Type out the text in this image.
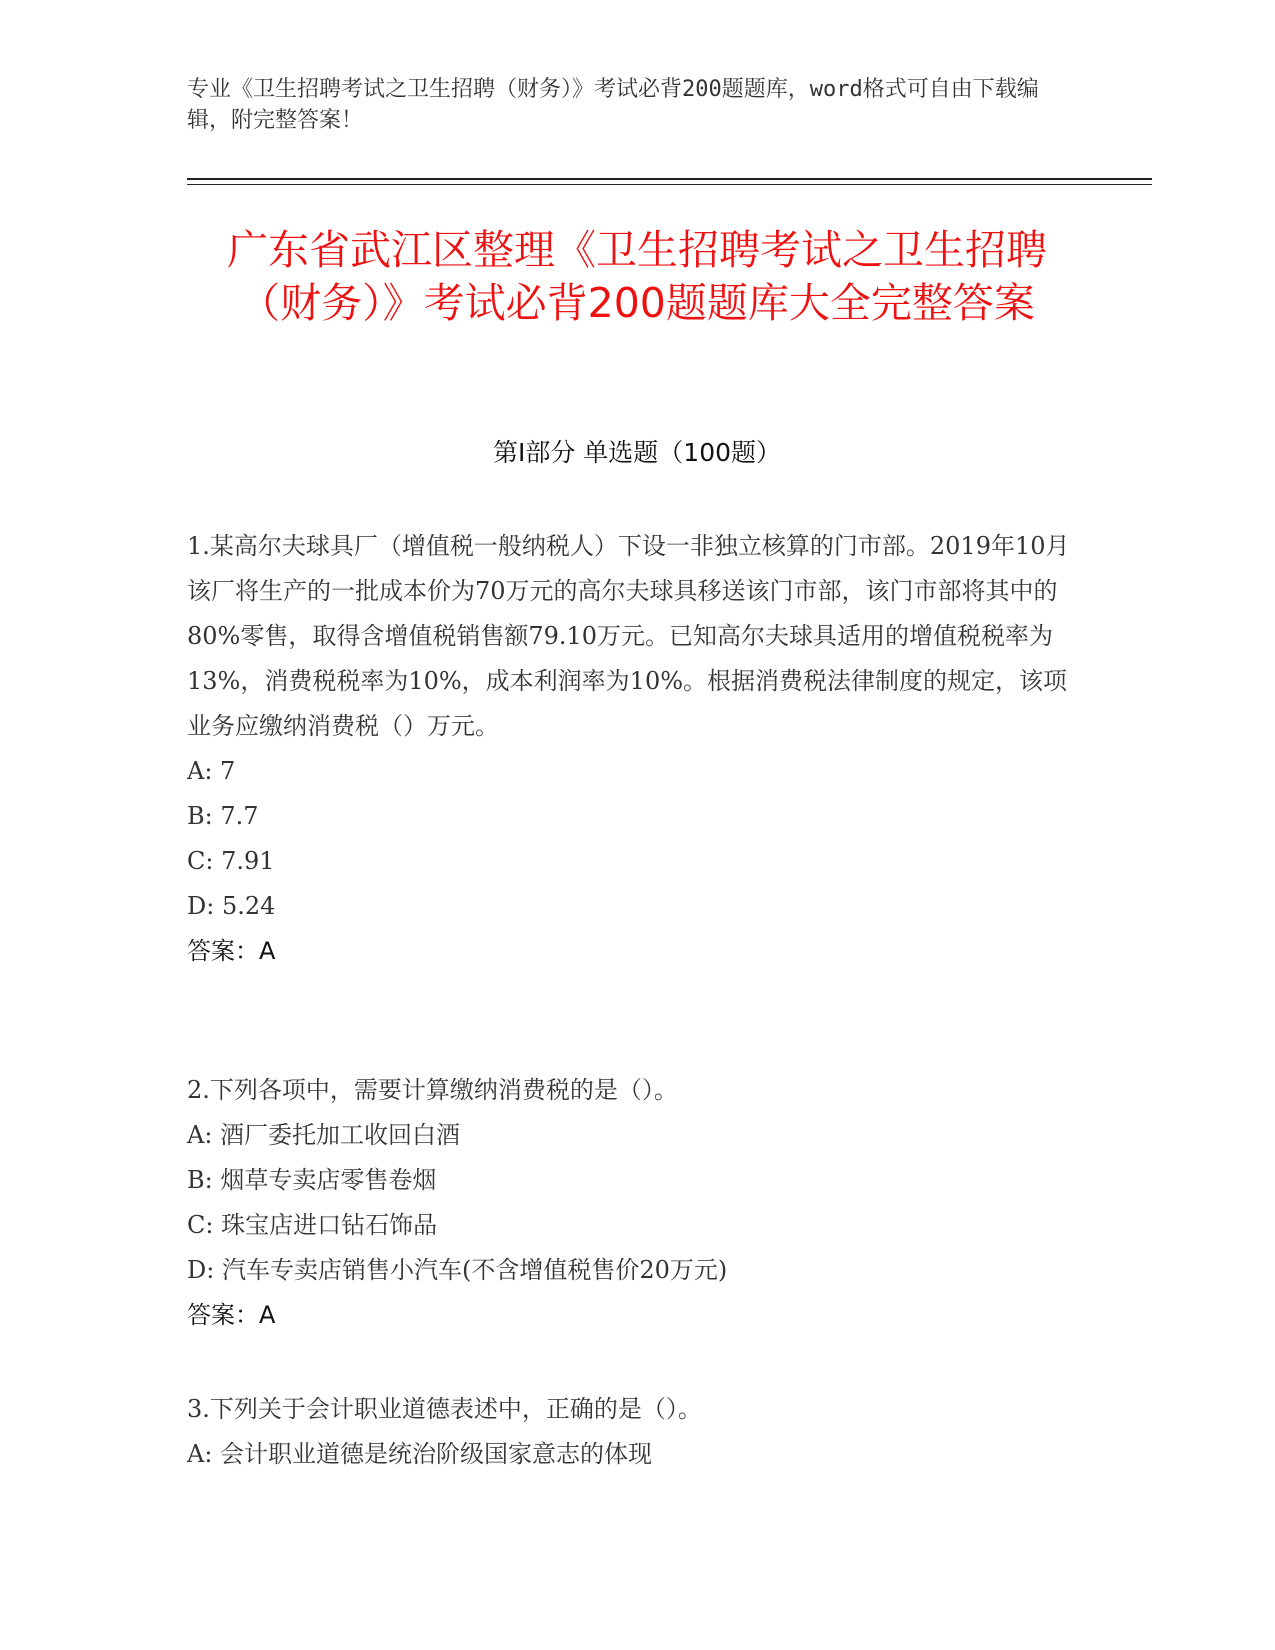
专业《卫生招聘考试之卫生招聘（财务）》考试必背200题题库，word格式可自由下载编辑，附完整答案！

广东省武江区整理《卫生招聘考试之卫生招聘（财务）》考试必背200题题库大全完整答案
第Ⅰ部分 单选题（100题）

1.某高尔夫球具厂（增值税一般纳税人）下设一非独立核算的门市部。2019年10月该厂将生产的一批成本价为70万元的高尔夫球具移送该门市部，该门市部将其中的80%零售，取得含增值税销售额79.10万元。已知高尔夫球具适用的增值税税率为13%，消费税税率为10%，成本利润率为10%。根据消费税法律制度的规定，该项业务应缴纳消费税（）万元。

A: 7

B: 7.7

C: 7.91

D: 5.24

答案：A

2.下列各项中，需要计算缴纳消费税的是（）。

A: 酒厂委托加工收回白酒

B: 烟草专卖店零售卷烟

C: 珠宝店进口钻石饰品

D: 汽车专卖店销售小汽车(不含增值税售价20万元)

答案：A

3.下列关于会计职业道德表述中，正确的是（）。

A: 会计职业道德是统治阶级国家意志的体现
